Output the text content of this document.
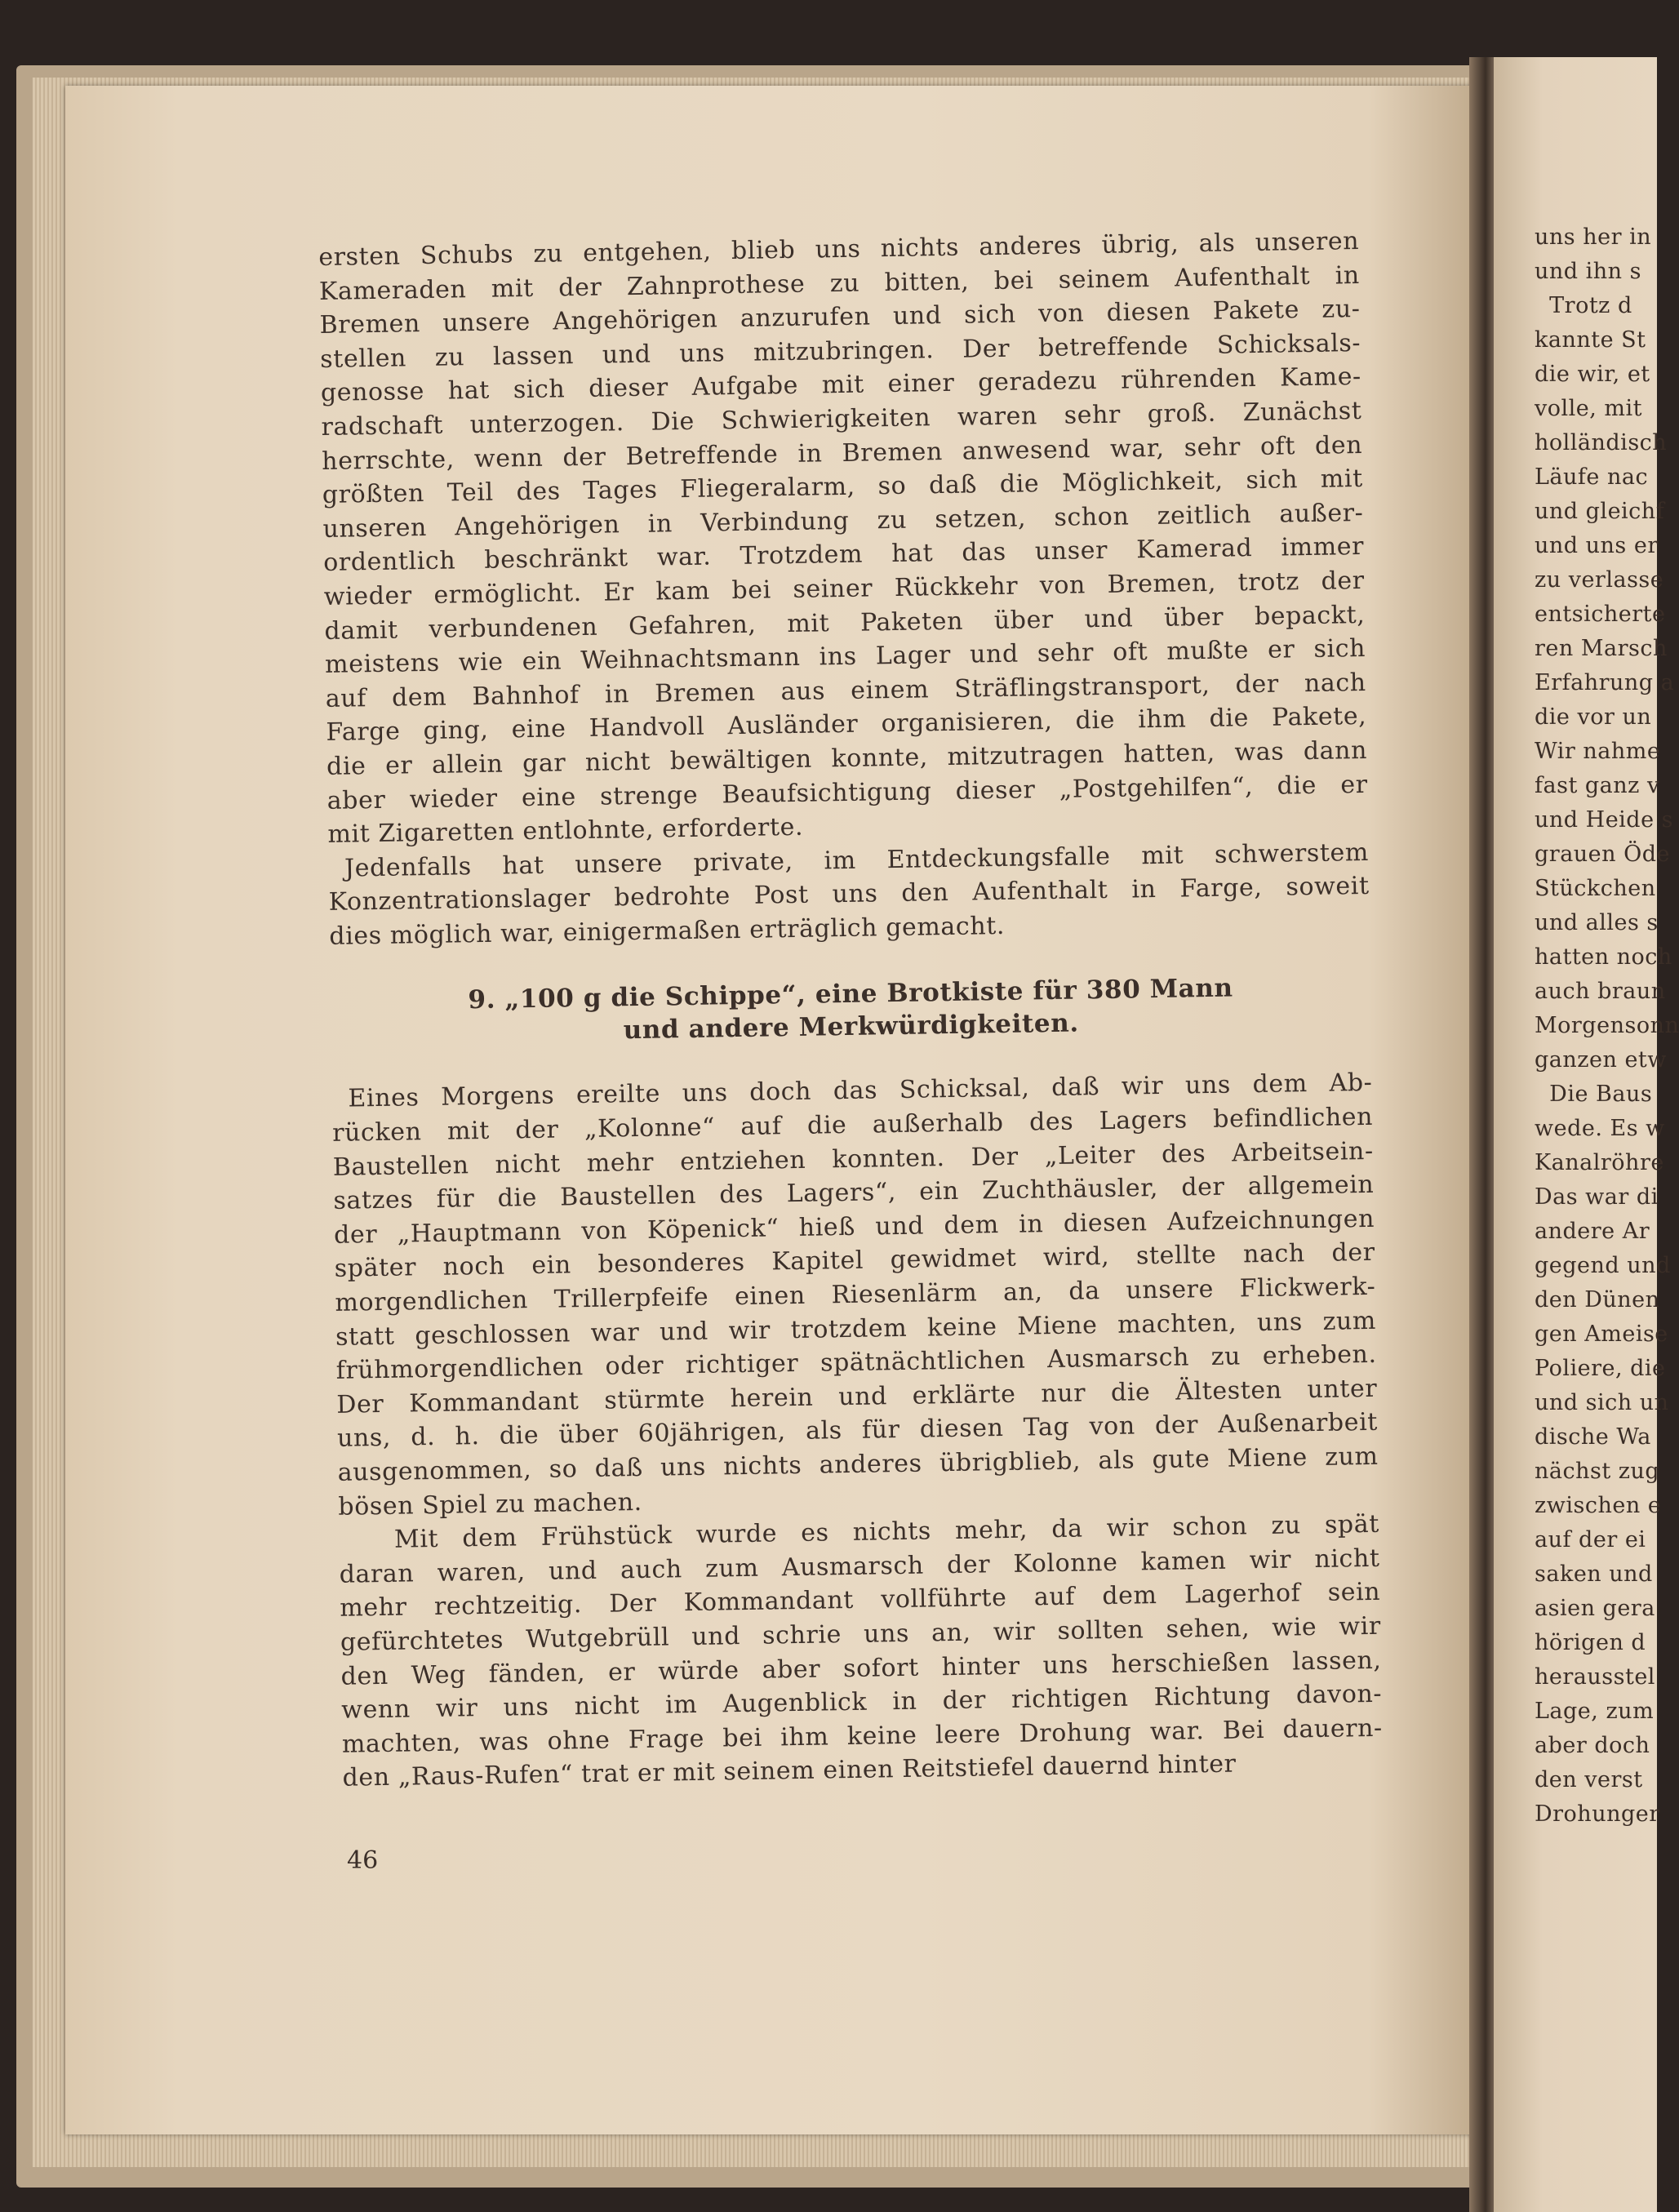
uns her in
und ihn s
Trotz d
kannte St
die wir, et
volle, mit
holländisch
Läufe nac
und gleichf
und uns er
zu verlasse
entsicherte
ren Marsch
Erfahrung a
die vor un
Wir nahme
fast ganz v
und Heide s
grauen Öde
Stückchen
und alles s
hatten noch
auch braun
Morgensonn
ganzen etw
Die Baus
wede. Es w
Kanalröhre
Das war di
andere Ar
gegend und
den Dünen
gen Ameise
Poliere, die
und sich un
dische Wa
nächst zug
zwischen e
auf der ei
saken und
asien gera
hörigen d
herausstel
Lage, zum
aber doch
den verst
Drohunger
ersten Schubs zu entgehen, blieb uns nichts anderes übrig, als unseren
Kameraden mit der Zahnprothese zu bitten, bei seinem Aufenthalt in
Bremen unsere Angehörigen anzurufen und sich von diesen Pakete zu-
stellen zu lassen und uns mitzubringen. Der betreffende Schicksals-
genosse hat sich dieser Aufgabe mit einer geradezu rührenden Kame-
radschaft unterzogen. Die Schwierigkeiten waren sehr groß. Zunächst
herrschte, wenn der Betreffende in Bremen anwesend war, sehr oft den
größten Teil des Tages Fliegeralarm, so daß die Möglichkeit, sich mit
unseren Angehörigen in Verbindung zu setzen, schon zeitlich außer-
ordentlich beschränkt war. Trotzdem hat das unser Kamerad immer
wieder ermöglicht. Er kam bei seiner Rückkehr von Bremen, trotz der
damit verbundenen Gefahren, mit Paketen über und über bepackt,
meistens wie ein Weihnachtsmann ins Lager und sehr oft mußte er sich
auf dem Bahnhof in Bremen aus einem Sträflingstransport, der nach
Farge ging, eine Handvoll Ausländer organisieren, die ihm die Pakete,
die er allein gar nicht bewältigen konnte, mitzutragen hatten, was dann
aber wieder eine strenge Beaufsichtigung dieser „Postgehilfen“, die er
mit Zigaretten entlohnte, erforderte.
Jedenfalls hat unsere private, im Entdeckungsfalle mit schwerstem
Konzentrationslager bedrohte Post uns den Aufenthalt in Farge, soweit
dies möglich war, einigermaßen erträglich gemacht.
9. „100 g die Schippe“, eine Brotkiste für 380 Mann
und andere Merkwürdigkeiten.
Eines Morgens ereilte uns doch das Schicksal, daß wir uns dem Ab-
rücken mit der „Kolonne“ auf die außerhalb des Lagers befindlichen
Baustellen nicht mehr entziehen konnten. Der „Leiter des Arbeitsein-
satzes für die Baustellen des Lagers“, ein Zuchthäusler, der allgemein
der „Hauptmann von Köpenick“ hieß und dem in diesen Aufzeichnungen
später noch ein besonderes Kapitel gewidmet wird, stellte nach der
morgendlichen Trillerpfeife einen Riesenlärm an, da unsere Flickwerk-
statt geschlossen war und wir trotzdem keine Miene machten, uns zum
frühmorgendlichen oder richtiger spätnächtlichen Ausmarsch zu erheben.
Der Kommandant stürmte herein und erklärte nur die Ältesten unter
uns, d. h. die über 60jährigen, als für diesen Tag von der Außenarbeit
ausgenommen, so daß uns nichts anderes übrigblieb, als gute Miene zum
bösen Spiel zu machen.
Mit dem Frühstück wurde es nichts mehr, da wir schon zu spät
daran waren, und auch zum Ausmarsch der Kolonne kamen wir nicht
mehr rechtzeitig. Der Kommandant vollführte auf dem Lagerhof sein
gefürchtetes Wutgebrüll und schrie uns an, wir sollten sehen, wie wir
den Weg fänden, er würde aber sofort hinter uns herschießen lassen,
wenn wir uns nicht im Augenblick in der richtigen Richtung davon-
machten, was ohne Frage bei ihm keine leere Drohung war. Bei dauern-
den „Raus-Rufen“ trat er mit seinem einen Reitstiefel dauernd hinter
46
